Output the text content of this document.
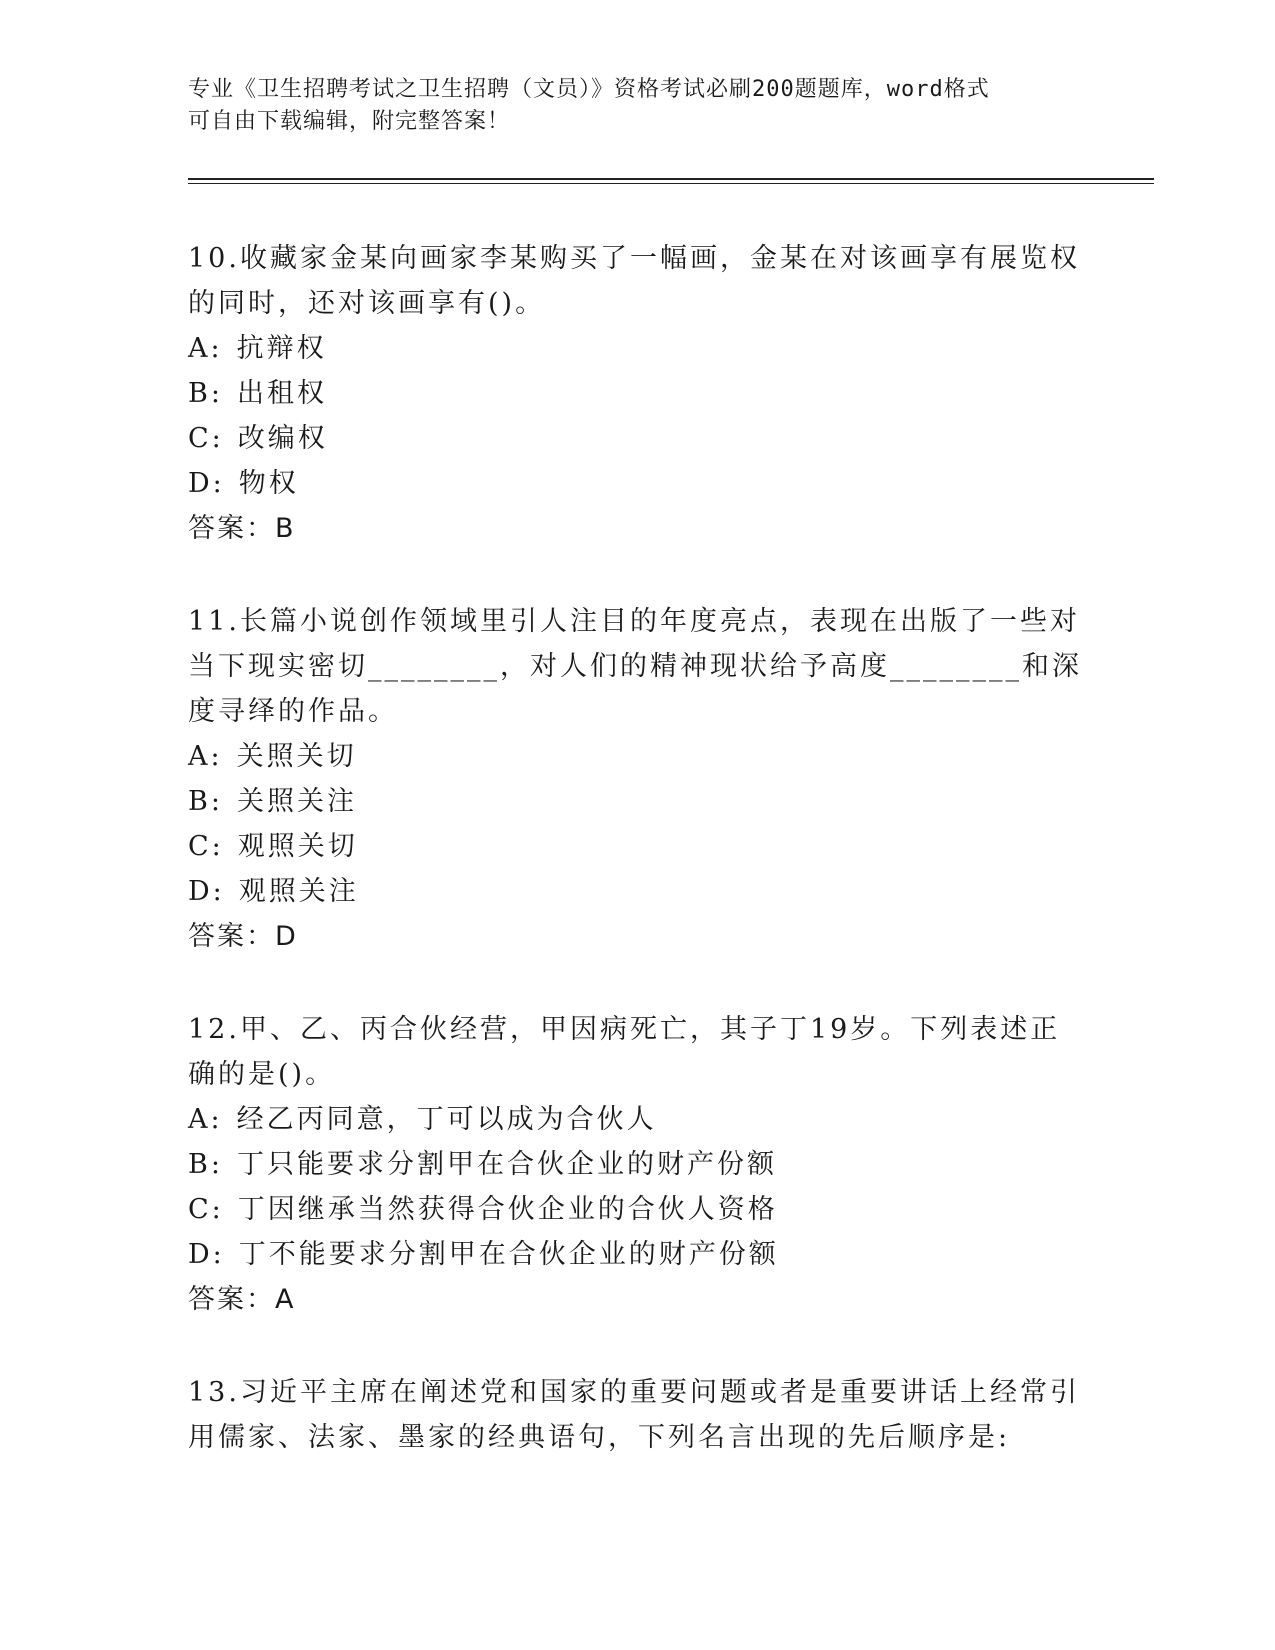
专业《卫生招聘考试之卫生招聘（文员）》资格考试必刷200题题库，word格式
可自由下载编辑，附完整答案！
10.收藏家金某向画家李某购买了一幅画，金某在对该画享有展览权的同时，还对该画享有()。
A: 抗辩权
B: 出租权
C: 改编权
D: 物权
答案：B
11.长篇小说创作领域里引人注目的年度亮点，表现在出版了一些对当下现实密切________，对人们的精神现状给予高度________和深度寻绎的作品。
A: 关照关切
B: 关照关注
C: 观照关切
D: 观照关注
答案：D
12.甲、乙、丙合伙经营，甲因病死亡，其子丁19岁。下列表述正确的是()。
A: 经乙丙同意，丁可以成为合伙人
B: 丁只能要求分割甲在合伙企业的财产份额
C: 丁因继承当然获得合伙企业的合伙人资格
D: 丁不能要求分割甲在合伙企业的财产份额
答案：A
13.习近平主席在阐述党和国家的重要问题或者是重要讲话上经常引用儒家、法家、墨家的经典语句，下列名言出现的先后顺序是:
